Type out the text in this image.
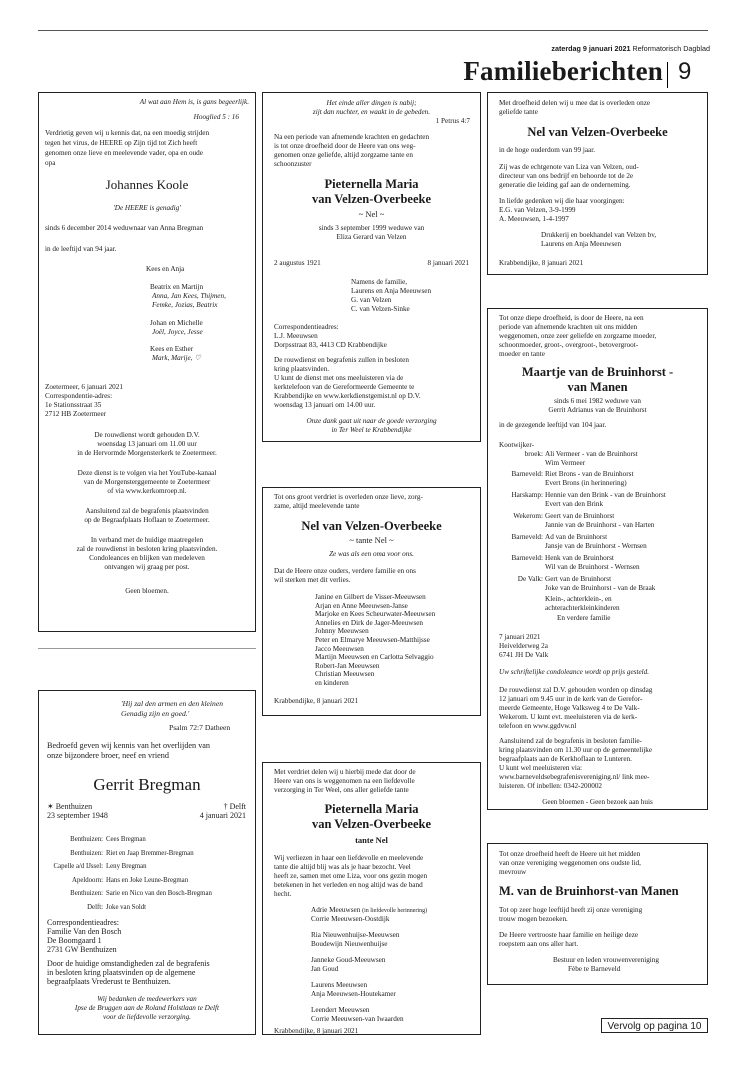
zaterdag 9 januari 2021 Reformatorisch Dagblad
Familieberichten 9
Al wat aan Hem is, is gans begeerlijk.
Hooglied 5 : 16
Verdrietig geven wij u kennis dat, na een moedig strijden
tegen het virus, de HEERE op Zijn tijd tot Zich heeft
genomen onze lieve en meelevende vader, opa en oude
opa
Johannes Koole
'De HEERE is genadig'
sinds 6 december 2014 weduwnaar van Anna Bregman
in de leeftijd van 94 jaar.
Kees en Anja
Beatrix en Martijn
Anna, Jan Kees, Thijmen,
Femke, Jozias, Beatrix
Johan en Michelle
Joël, Joyce, Jesse
Kees en Esther
Mark, Marije, ♡
Zoetermeer, 6 januari 2021
Correspondentie-adres:
1e Stationsstraat 35
2712 HB Zoetermeer
De rouwdienst wordt gehouden D.V.
woensdag 13 januari om 11.00 uur
in de Hervormde Morgensterkerk te Zoetermeer.
Deze dienst is te volgen via het YouTube-kanaal
van de Morgensterggemeente te Zoetermeer
of via www.kerkomroep.nl.
Aansluitend zal de begrafenis plaatsvinden
op de Begraafplaats Hoflaan te Zoetermeer.
In verband met de huidige maatregelen
zal de rouwdienst in besloten kring plaatsvinden.
Condoleances en blijken van medeleven
ontvangen wij graag per post.
Geen bloemen.
'Hij zal den armen en den kleinen
Genadig zijn en goed.'
Psalm 72:7 Datheen
Bedroefd geven wij kennis van het overlijden van
onze bijzondere broer, neef en vriend
Gerrit Bregman
✶ Benthuizen	† Delft
23 september 1948	4 januari 2021
Benthuizen: Cees Bregman
Benthuizen: Riet en Jaap Bremmer-Bregman
Capelle a/d IJssel: Leny Bregman
Apeldoorn: Hans en Joke Leune-Bregman
Benthuizen: Sarie en Nico van den Bosch-Bregman
Delft: Joke van Soldt
Correspondentieadres:
Familie Van den Bosch
De Boomgaard 1
2731 GW Benthuizen
Door de huidige omstandigheden zal de begrafenis
in besloten kring plaatsvinden op de algemene
begraafplaats Vrederust te Benthuizen.
Wij bedanken de medewerkers van
Ipse de Bruggen aan de Roland Holstlaan te Delft
voor de liefdevolle verzorging.
Het einde aller dingen is nabij;
zijt dan nuchter, en waakt in de gebeden.
1 Petrus 4:7
Na een periode van afnemende krachten en gedachten
is tot onze droefheid door de Heere van ons weg-
genomen onze geliefde, altijd zorgzame tante en
schoonzuster
Pieternella Maria
van Velzen-Overbeeke
~ Nel ~
sinds 3 september 1999 weduwe van
Eliza Gerard van Velzen
2 augustus 1921	8 januari 2021
Namens de familie,
Laurens en Anja Meeuwsen
G. van Velzen
C. van Velzen-Sinke
Correspondentieadres:
L.J. Meeuwsen
Dorpsstraat 83, 4413 CD Krabbendijke
De rouwdienst en begrafenis zullen in besloten
kring plaatsvinden.
U kunt de dienst met ons meeluisteren via de
kerktelefoon van de Gereformeerde Gemeente te
Krabbendijke en www.kerkdienstgemist.nl op D.V.
woensdag 13 januari om 14.00 uur.
Onze dank gaat uit naar de goede verzorging
in Ter Weel te Krabbendijke
Tot ons groot verdriet is overleden onze lieve, zorg-
zame, altijd meelevende tante
Nel van Velzen-Overbeeke
~ tante Nel ~
Ze was als een oma voor ons.
Dat de Heere onze ouders, verdere familie en ons
wil sterken met dit verlies.
Janine en Gilbert de Visser-Meeuwsen
Arjan en Anne Meeuwsen-Janse
Marjoke en Kees Scheurwater-Meeuwsen
Annelies en Dirk de Jager-Meeuwsen
Johnny Meeuwsen
Peter en Elmarye Meeuwsen-Matthijsse
Jacco Meeuwsen
Martijn Meeuwsen en Carlotta Selvaggio
Robert-Jan Meeuwsen
Christian Meeuwsen
en kinderen
Krabbendijke, 8 januari 2021
Met verdriet delen wij u hierbij mede dat door de
Heere van ons is weggenomen na een liefdevolle
verzorging in Ter Weel, ons aller geliefde tante
Pieternella Maria
van Velzen-Overbeeke
tante Nel
Wij verliezen in haar een liefdevolle en meelevende
tante die altijd blij was als je haar bezocht. Veel
heeft ze, samen met ome Liza, voor ons gezin mogen
betekenen in het verleden en nog altijd was de band
hecht.
Adrie Meeuwsen (in liefdevolle herinnering)
Corrie Meeuwsen-Oostdijk
Ria Nieuwenhuijse-Meeuwsen
Boudewijn Nieuwenhuijse
Janneke Goud-Meeuwsen
Jan Goud
Laurens Meeuwsen
Anja Meeuwsen-Houtekamer
Leendert Meeuwsen
Corrie Meeuwsen-van Iwaarden
Krabbendijke, 8 januari 2021
Met droefheid delen wij u mee dat is overleden onze
geliefde tante
Nel van Velzen-Overbeeke
in de hoge ouderdom van 99 jaar.
Zij was de echtgenote van Liza van Velzen, oud-
directeur van ons bedrijf en behoorde tot de 2e
generatie die leiding gaf aan de onderneming.
In liefde gedenken wij die haar voorgingen:
E.G. van Velzen, 3-9-1999
A. Meeuwsen, 1-4-1997
Drukkerij en boekhandel van Velzen bv,
Laurens en Anja Meeuwsen
Krabbendijke, 8 januari 2021
Tot onze diepe droefheid, is door de Heere, na een
periode van afnemende krachten uit ons midden
weggenomen, onze zeer geliefde en zorgzame moeder,
schoonmoeder, groot-, overgroot-, betovergroot-
moeder en tante
Maartje van de Bruinhorst -
van Manen
sinds 6 mei 1982 weduwe van
Gerrit Adrianus van de Bruinhorst
in de gezegende leeftijd van 104 jaar.
Kootwijker-
broek: Ali Vermeer - van de Bruinhorst
Wim Vermeer
Barneveld: Riet Brons - van de Bruinhorst
Evert Brons (in herinnering)
Harskamp: Hennie van den Brink - van de Bruinhorst
Evert van den Brink
Wekerom: Geert van de Bruinhorst
Jannie van de Bruinhorst - van Harten
Barneveld: Ad van de Bruinhorst
Jansje van de Bruinhorst - Wernsen
Barneveld: Henk van de Bruinhorst
Wil van de Bruinhorst - Wernsen
De Valk: Gert van de Bruinhorst
Joke van de Bruinhorst - van de Braak
Klein-, achterklein-, en
achterachterkleinkinderen
En verdere familie
7 januari 2021
Heivelderweg 2a
6741 JH De Valk
Uw schriftelijke condoleance wordt op prijs gesteld.
De rouwdienst zal D.V. gehouden worden op dinsdag
12 januari om 9.45 uur in de kerk van de Gerefor-
meerde Gemeente, Hoge Valksweg 4 te De Valk-
Wekerom. U kunt evt. meeluisteren via de kerk-
telefoon en www.ggdvw.nl
Aansluitend zal de begrafenis in besloten familie-
kring plaatsvinden om 11.30 uur op de gemeentelijke
begraafplaats aan de Kerkhoflaan te Lunteren.
U kunt wel meeluisteren via:
www.barneveldsebegrafenisvereniging.nl/ link mee-
luisteren. Of inbellen: 0342-200002
Geen bloemen - Geen bezoek aan huis
Tot onze droefheid heeft de Heere uit het midden
van onze vereniging weggenomen ons oudste lid,
mevrouw
M. van de Bruinhorst-van Manen
Tot op zeer hoge leeftijd heeft zij onze vereniging
trouw mogen bezoeken.
De Heere vertrooste haar familie en heilige deze
roepstem aan ons aller hart.
Bestuur en leden vrouwenvereniging
Fèbe te Barneveld
Vervolg op pagina 10
